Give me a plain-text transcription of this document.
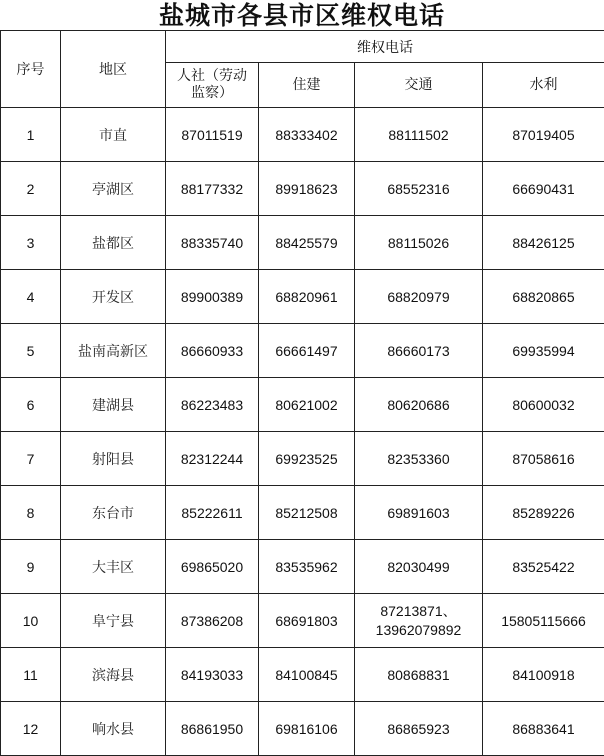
盐城市各县市区维权电话
序号	地区	维权电话			

		人社（劳动
监察）	住建	交通	水利
1	市直	87011519	88333402	88111502	87019405
2	亭湖区	88177332	89918623	68552316	66690431
3	盐都区	88335740	88425579	88115026	88426125
4	开发区	89900389	68820961	68820979	68820865
5	盐南高新区	86660933	66661497	86660173	69935994
6	建湖县	86223483	80621002	80620686	80600032
7	射阳县	82312244	69923525	82353360	87058616
8	东台市	85222611	85212508	69891603	85289226
9	大丰区	69865020	83535962	82030499	83525422
10	阜宁县	87386208	68691803	87213871、
13962079892	15805115666
11	滨海县	84193033	84100845	80868831	84100918
12	响水县	86861950	69816106	86865923	86883641
